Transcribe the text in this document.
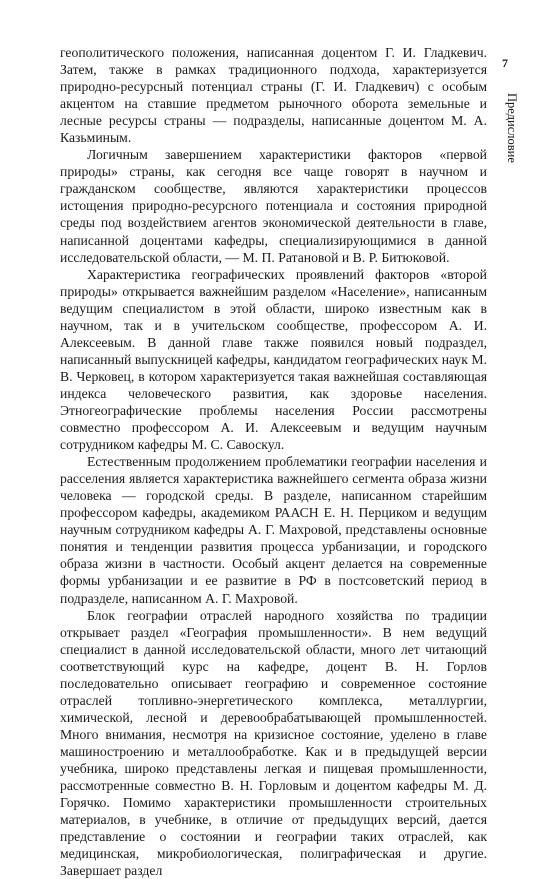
7
Предисловие

геополитического положения, написанная доцентом Г. И. Гладкевич. Затем, также в рамках традиционного подхода, характеризуется природно-ресурсный потенциал страны (Г. И. Гладкевич) с особым акцентом на ставшие предметом рыночного оборота земельные и лесные ресурсы страны — подразделы, написанные доцентом М. А. Казьминым.

Логичным завершением характеристики факторов «первой природы» страны, как сегодня все чаще говорят в научном и гражданском сообществе, являются характеристики процессов истощения природно-ресурсного потенциала и состояния природной среды под воздействием агентов экономической деятельности в главе, написанной доцентами кафедры, специализирующимися в данной исследовательской области, — М. П. Ратановой и В. Р. Битюковой.

Характеристика географических проявлений факторов «второй природы» открывается важнейшим разделом «Население», написанным ведущим специалистом в этой области, широко известным как в научном, так и в учительском сообществе, профессором А. И. Алексеевым. В данной главе также появился новый подраздел, написанный выпускницей кафедры, кандидатом географических наук М. В. Черковец, в котором характеризуется такая важнейшая составляющая индекса человеческого развития, как здоровье населения. Этногеографические проблемы населения России рассмотрены совместно профессором А. И. Алексеевым и ведущим научным сотрудником кафедры М. С. Савоскул.

Естественным продолжением проблематики географии населения и расселения является характеристика важнейшего сегмента образа жизни человека — городской среды. В разделе, написанном старейшим профессором кафедры, академиком РААСН Е. Н. Перциком и ведущим научным сотрудником кафедры А. Г. Махровой, представлены основные понятия и тенденции развития процесса урбанизации, и городского образа жизни в частности. Особый акцент делается на современные формы урбанизации и ее развитие в РФ в постсоветский период в подразделе, написанном А. Г. Махровой.

Блок географии отраслей народного хозяйства по традиции открывает раздел «География промышленности». В нем ведущий специалист в данной исследовательской области, много лет читающий соответствующий курс на кафедре, доцент В. Н. Горлов последовательно описывает географию и современное состояние отраслей топливно-энергетического комплекса, металлургии, химической, лесной и деревообрабатывающей промышленностей. Много внимания, несмотря на кризисное состояние, уделено в главе машиностроению и металлообработке. Как и в предыдущей версии учебника, широко представлены легкая и пищевая промышленности, рассмотренные совместно В. Н. Горловым и доцентом кафедры М. Д. Горячко. Помимо характеристики промышленности строительных материалов, в учебнике, в отличие от предыдущих версий, дается представление о состоянии и географии таких отраслей, как медицинская, микробиологическая, полиграфическая и другие. Завершает раздел
